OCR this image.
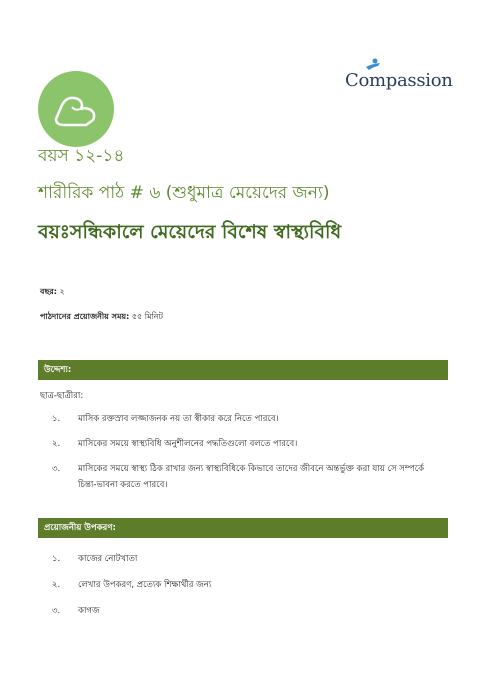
Compassion
বয়স ১২-১৪
শারীরিক পাঠ # ৬ (শুধুমাত্র মেয়েদের জন্য)
বয়ঃসন্ধিকালে মেয়েদের বিশেষ স্বাস্থ্যবিধি
বছর: ২
পাঠদানের প্রয়োজনীয় সময়: ৫৫ মিনিট
উদ্দেশ্য:
ছাত্র-ছাত্রীরা:
১.	মাসিক রক্তস্রাব লজ্জাজনক নয় তা স্বীকার করে নিতে পারবে।
২.	মাসিকের সময়ে স্বাস্থ্যবিধি অনুশীলনের পদ্ধতিগুলো বলতে পারবে।
৩.	মাসিকের সময়ে স্বাস্থ্য ঠিক রাখার জন্য স্বাস্থ্যবিধিকে কিভাবে তাদের জীবনে অন্তর্ভুক্ত করা যায় সে সম্পর্কে চিন্তা-ভাবনা করতে পারবে।
প্রয়োজনীয় উপকরণ:
১.	কাজের নোটখাতা
২.	লেখার উপকরণ, প্রত্যেক শিক্ষার্থীর জন্য
৩.	কাগজ
